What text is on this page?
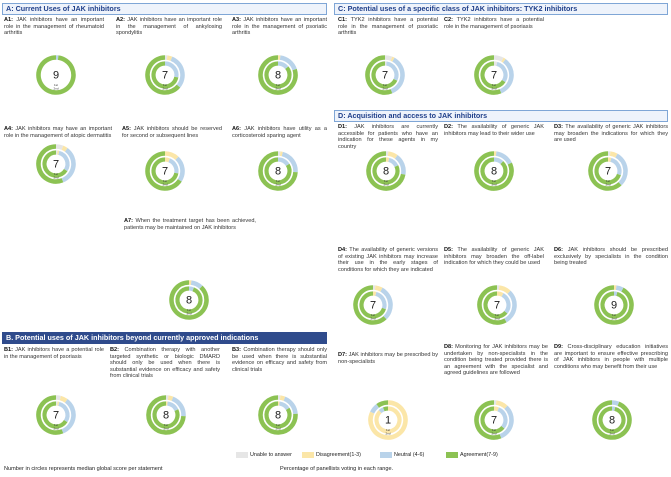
A: Current Uses of JAK inhibitors
B. Potential uses of JAK inhibitors beyond currently approved indications
C: Potential uses of a specific class of JAK inhibitors: TYK2 inhibitors
D: Acquisition and access to JAK inhibitors
A1: JAK inhibitors have an important role in the management of rheumatoid arthritis
9
1st
2nd
A2: JAK inhibitors have an important role in the management of ankylosing spondylitis
7
1st
2nd
A3: JAK inhibitors have an important role in the management of psoriatic arthritis
8
1st
2nd
A4: JAK inhibitors may have an important role in the management of atopic dermatitis
7
1st
2nd
A5: JAK inhibitors should be reserved for second or subsequent lines
7
1st
2nd
A6: JAK inhibitors have utility as a corticosteroid sparing agent
8
1st
2nd
A7: When the treatment target has been achieved, patients may be maintained on JAK inhibitors
8
1st
2nd
B1: JAK inhibitors have a potential role in the management of psoriasis
7
1st
2nd
B2: Combination therapy with another targeted synthetic or biologic DMARD should only be used when there is substantial evidence on efficacy and safety from clinical trials
8
1st
2nd
B3: Combination therapy should only be used when there is substantial evidence on efficacy and safety from clinical trials
8
1st
2nd
C1: TYK2 inhibitors have a potential role in the management of psoriatic arthritis
7
1st
2nd
C2: TYK2 inhibitors have a potential role in the management of psoriasis
7
1st
2nd
D1: JAK inhibitors are currently accessible for patients who have an indication for these agents in my country
8
1st
2nd
D2: The availability of generic JAK inhibitors may lead to their wider use
8
1st
2nd
D3: The availability of generic JAK inhibitors may broaden the indications for which they are used
7
1st
2nd
D4: The availability of generic versions of existing JAK inhibitors may increase their use in the early stages of conditions for which they are indicated
7
1st
2nd
D5: The availability of generic JAK inhibitors may broaden the off-label indication for which they could be used
7
1st
2nd
D6: JAK inhibitors should be prescribed exclusively by specialists in the condition being treated
9
1st
2nd
D7: JAK inhibitors may be prescribed by non-specialists
1
1st
2nd
D8: Monitoring for JAK inhibitors may be undertaken by non-specialists in the condition being treated provided there is an agreement with the specialist and agreed guidelines are followed
7
1st
2nd
D9: Cross-disciplinary education initiatives are important to ensure effective prescribing of JAK inhibitors in people with multiple conditions who may benefit from their use
8
1st
2nd
Unable to answer	Disagreement(1-3)	Neutral (4-6)	Agreement(7-9)
Number in circles represents median global score per statement	Percentage of panellists voting in each range.
